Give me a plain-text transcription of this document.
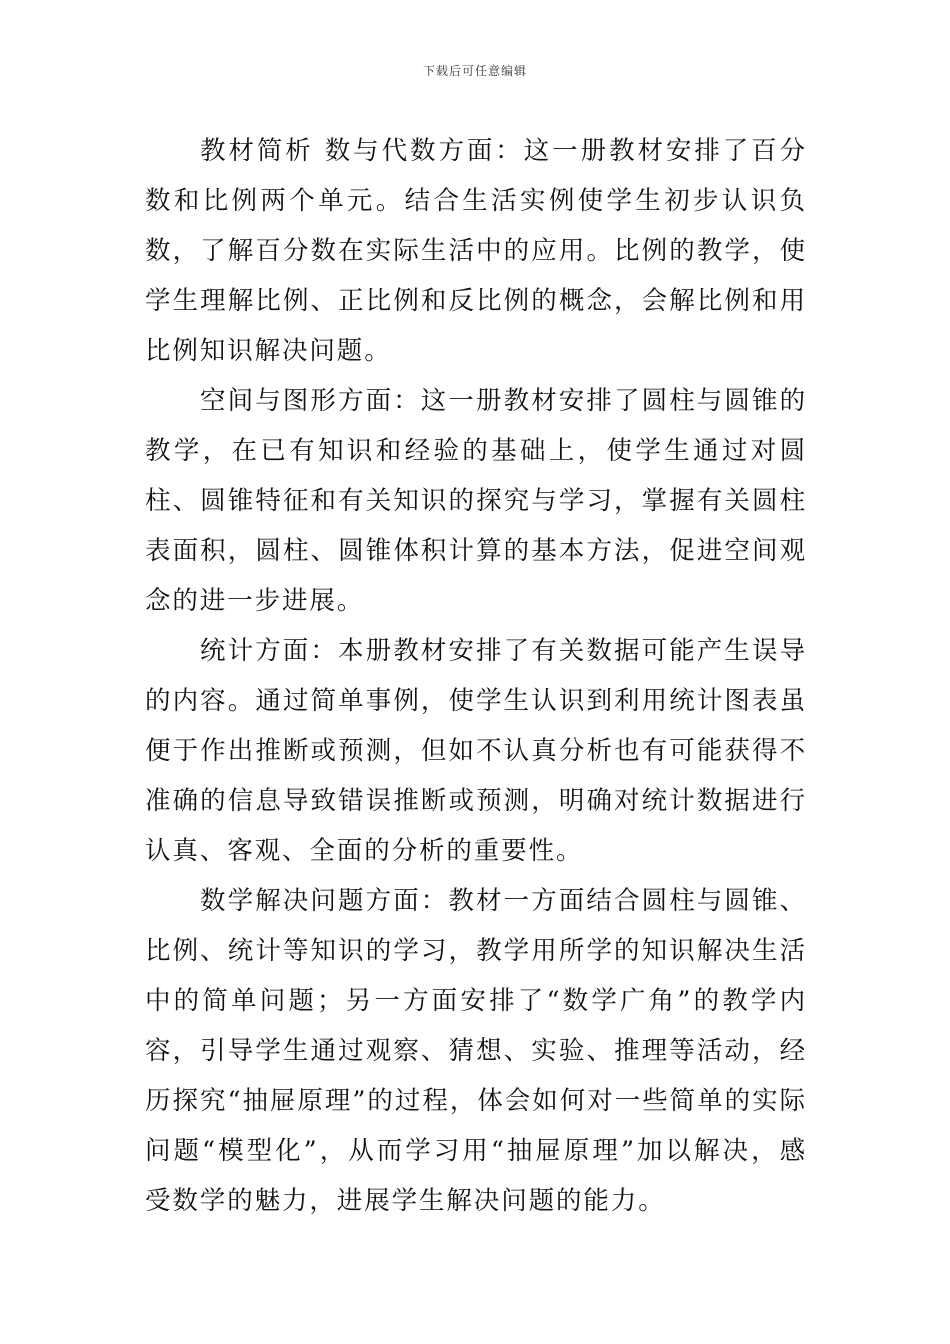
下载后可任意编辑

教材简析 数与代数方面：这一册教材安排了百分数和比例两个单元。结合生活实例使学生初步认识负数，了解百分数在实际生活中的应用。比例的教学，使学生理解比例、正比例和反比例的概念，会解比例和用比例知识解决问题。

空间与图形方面：这一册教材安排了圆柱与圆锥的教学，在已有知识和经验的基础上，使学生通过对圆柱、圆锥特征和有关知识的探究与学习，掌握有关圆柱表面积，圆柱、圆锥体积计算的基本方法，促进空间观念的进一步进展。

统计方面：本册教材安排了有关数据可能产生误导的内容。通过简单事例，使学生认识到利用统计图表虽便于作出推断或预测，但如不认真分析也有可能获得不准确的信息导致错误推断或预测，明确对统计数据进行认真、客观、全面的分析的重要性。

数学解决问题方面：教材一方面结合圆柱与圆锥、比例、统计等知识的学习，教学用所学的知识解决生活中的简单问题；另一方面安排了“数学广角”的教学内容，引导学生通过观察、猜想、实验、推理等活动，经历探究“抽屉原理”的过程，体会如何对一些简单的实际问题“模型化”，从而学习用“抽屉原理”加以解决，感受数学的魅力，进展学生解决问题的能力。
